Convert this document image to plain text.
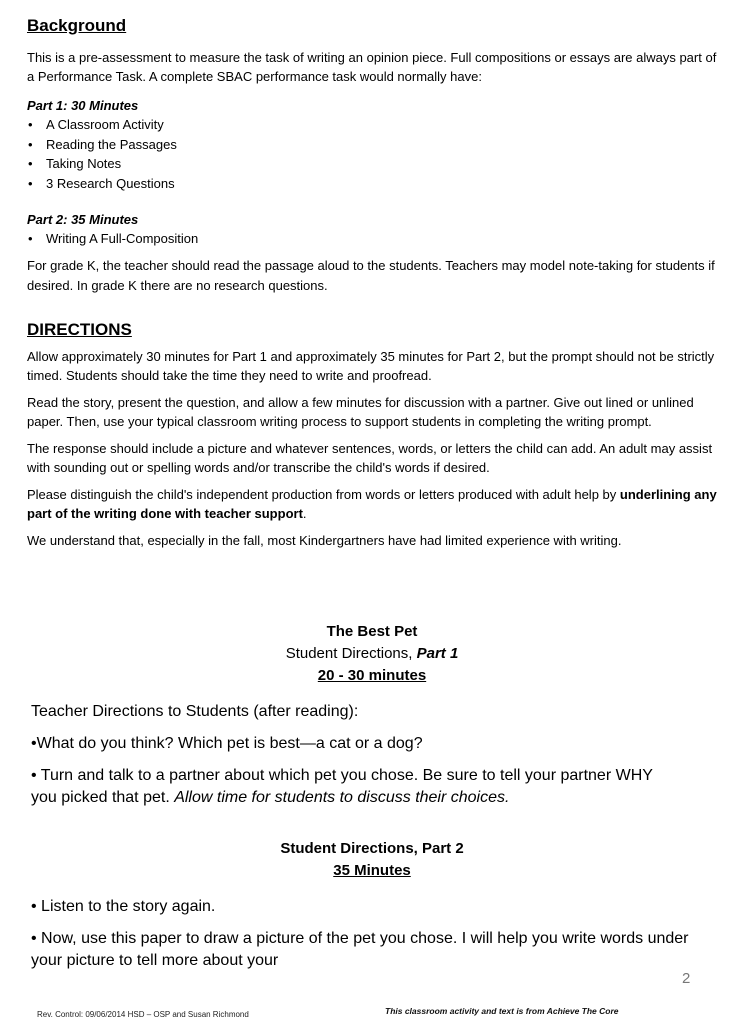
Background

This is a pre-assessment to measure the task of writing an opinion piece. Full compositions or essays are always part of a Performance Task. A complete SBAC performance task would normally have:

Part 1: 30 Minutes

• A Classroom Activity
• Reading the Passages
• Taking Notes
• 3 Research Questions

Part 2: 35 Minutes

• Writing A Full-Composition

For grade K, the teacher should read the passage aloud to the students. Teachers may model note-taking for students if desired. In grade K there are no research questions.

DIRECTIONS

Allow approximately 30 minutes for Part 1 and approximately 35 minutes for Part 2, but the prompt should not be strictly timed. Students should take the time they need to write and proofread.

Read the story, present the question, and allow a few minutes for discussion with a partner. Give out lined or unlined paper. Then, use your typical classroom writing process to support students in completing the writing prompt.

The response should include a picture and whatever sentences, words, or letters the child can add. An adult may assist with sounding out or spelling words and/or transcribe the child's words if desired.

Please distinguish the child's independent production from words or letters produced with adult help by underlining any part of the writing done with teacher support.

We understand that, especially in the fall, most Kindergartners have had limited experience with writing.

The Best Pet

Student Directions, Part 1

20 - 30 minutes

Teacher Directions to Students (after reading):

•What do you think? Which pet is best—a cat or a dog?

• Turn and talk to a partner about which pet you chose. Be sure to tell your partner WHY you picked that pet. Allow time for students to discuss their choices.

Student Directions, Part 2

35 Minutes

• Listen to the story again.

• Now, use this paper to draw a picture of the pet you chose. I will help you write words under your picture to tell more about your

2
Rev. Control: 09/06/2014 HSD – OSP and Susan Richmond	This classroom activity and text is from Achieve The Core
